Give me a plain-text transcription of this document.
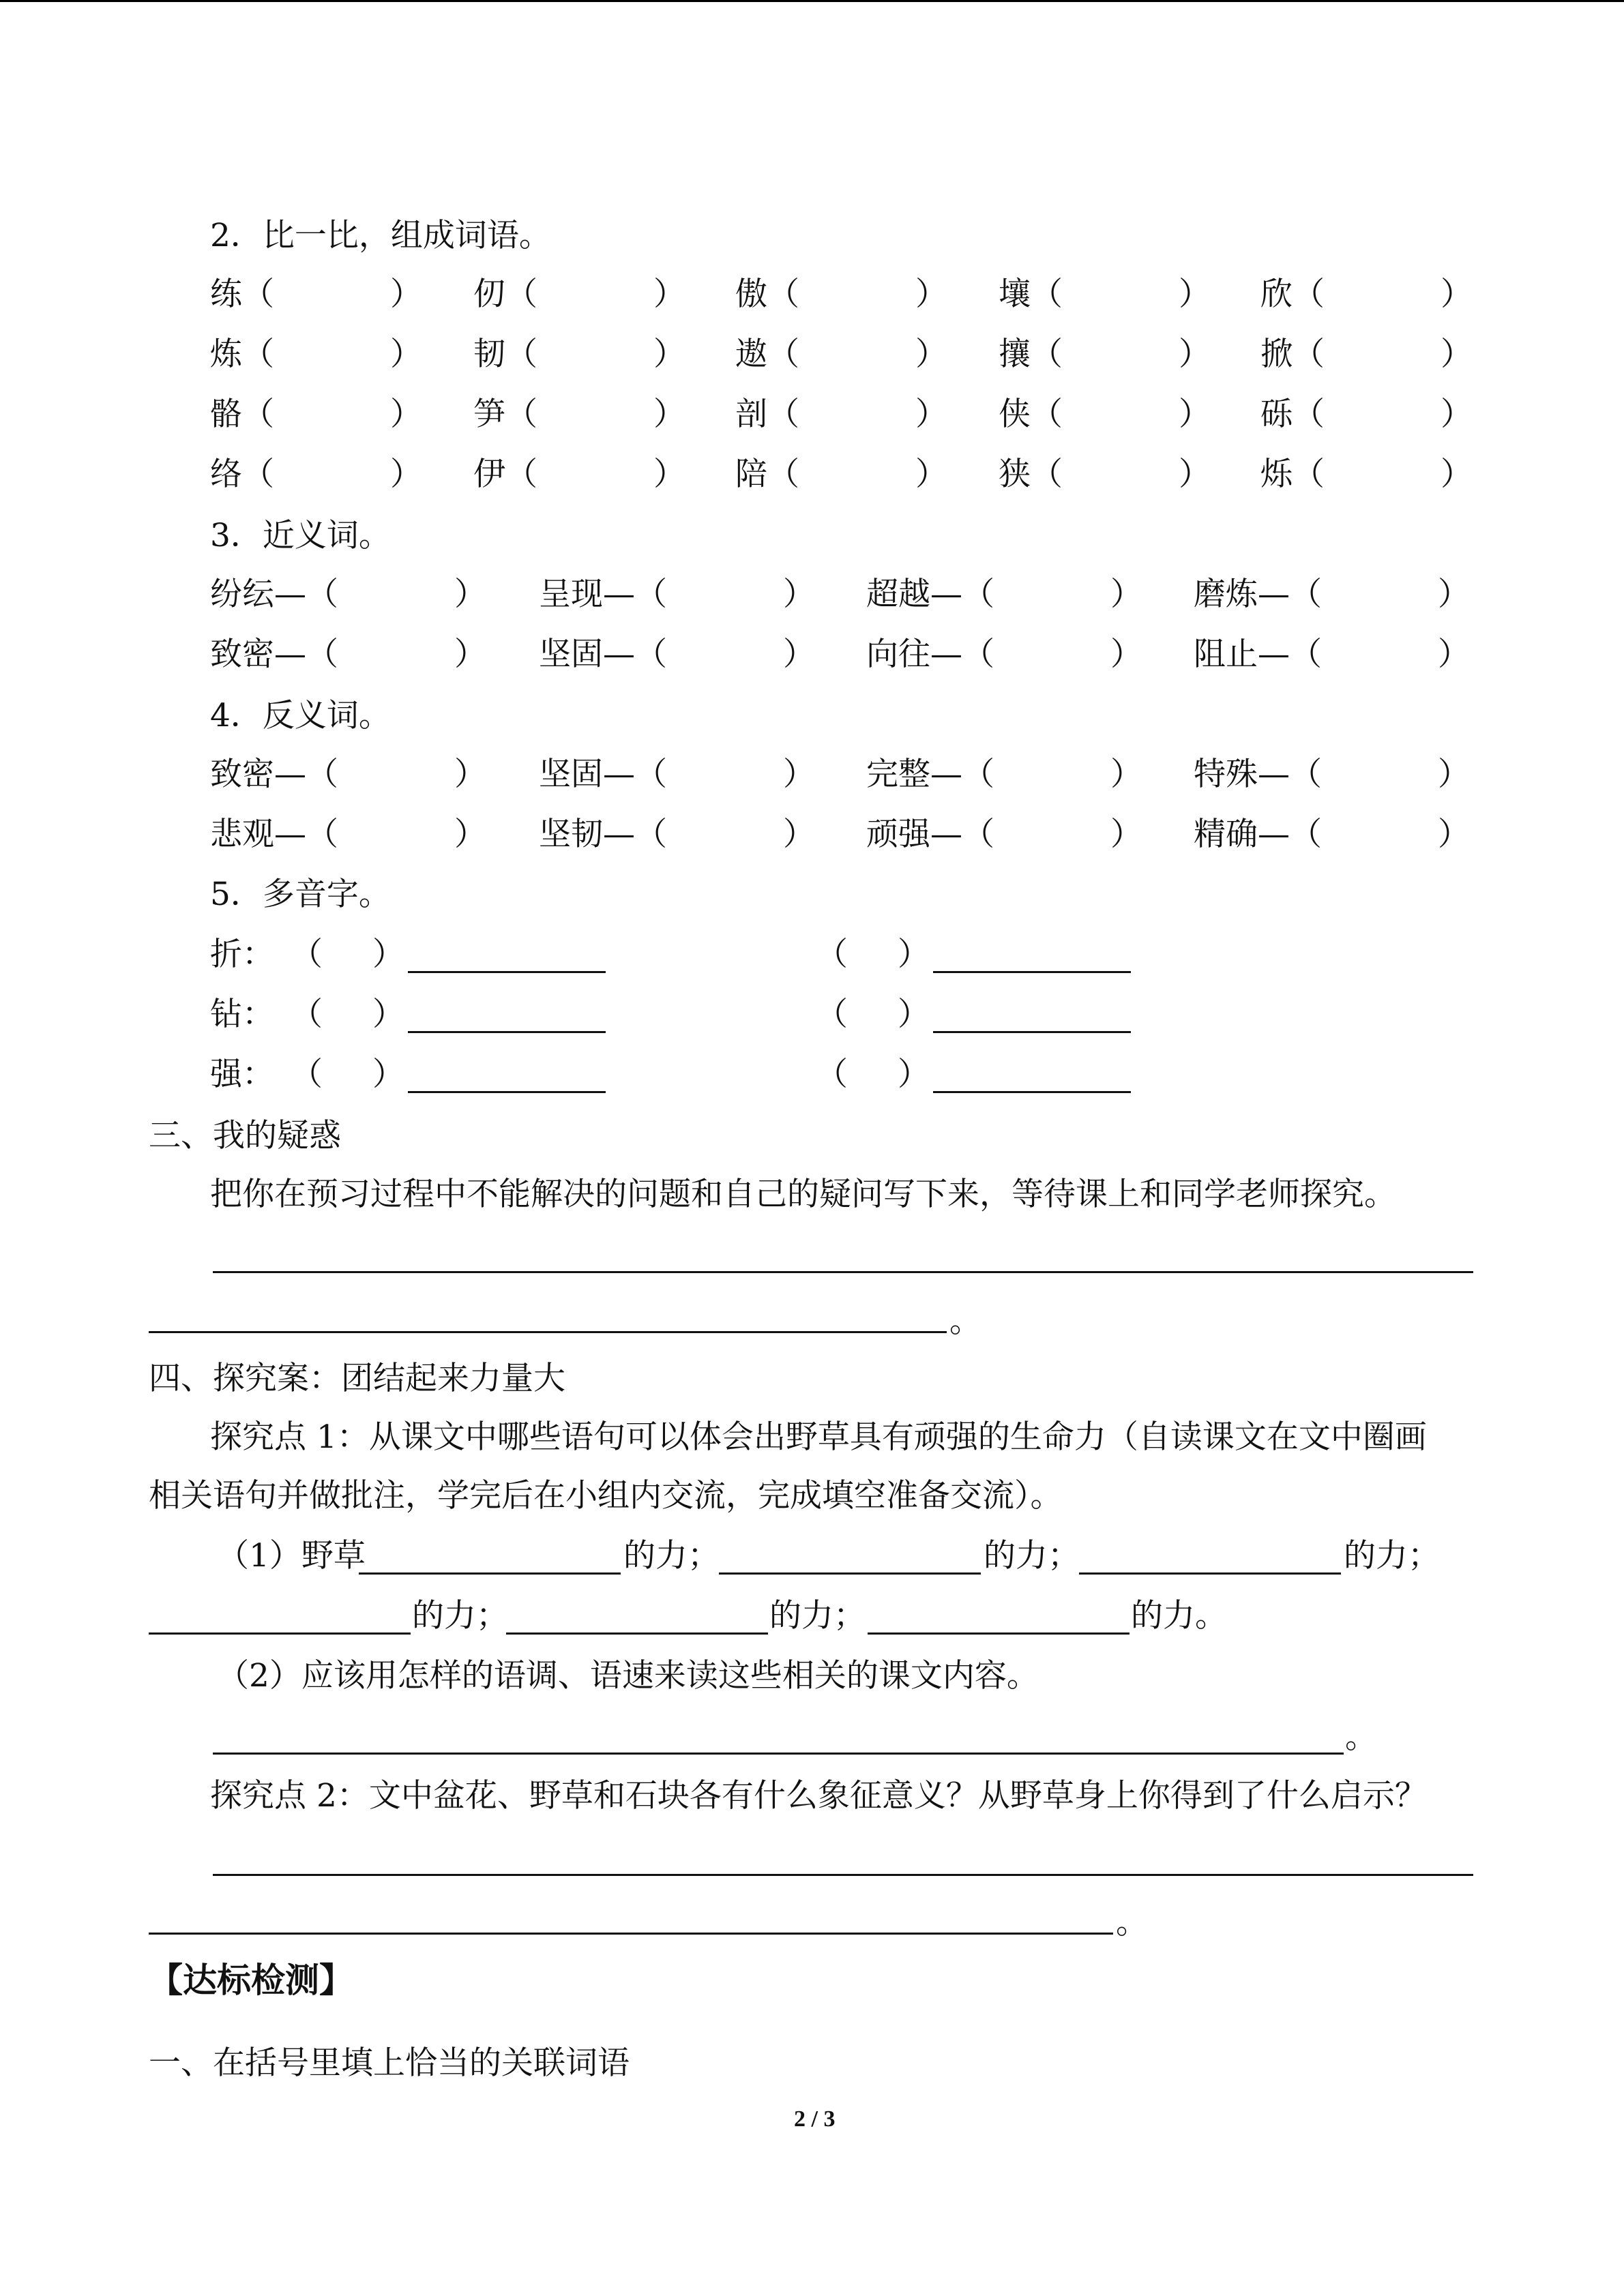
2．比一比，组成词语。
练（	） 仞（	） 傲（	） 壤（	） 欣（	）
炼（	） 韧（	） 遨（	） 攘（	） 掀（	）
骼（	） 笋（	） 剖（	） 侠（	） 砾（	）
络（	） 伊（	） 陪（	） 狭（	） 烁（	）
3．近义词。
纷纭—（	） 呈现—（	） 超越—（	） 磨炼—（	）
致密—（	） 坚固—（	） 向往—（	） 阻止—（	）
4．反义词。
致密—（	） 坚固—（	） 完整—（	） 特殊—（	）
悲观—（	） 坚韧—（	） 顽强—（	） 精确—（	）
5．多音字。
折： （ ）	（ ）
钻： （ ）	（ ）
强： （ ）	（ ）
三、我的疑惑
把你在预习过程中不能解决的问题和自己的疑问写下来，等待课上和同学老师探究。
。
四、探究案：团结起来力量大
探究点 1：从课文中哪些语句可以体会出野草具有顽强的生命力（自读课文在文中圈画
相关语句并做批注，学完后在小组内交流，完成填空准备交流）。
（1）野草	的力；	的力；	的力；
的力；	的力；	的力。
（2）应该用怎样的语调、语速来读这些相关的课文内容。
。
探究点 2：文中盆花、野草和石块各有什么象征意义？从野草身上你得到了什么启示？
。
【达标检测】
一、在括号里填上恰当的关联词语
2 / 3
